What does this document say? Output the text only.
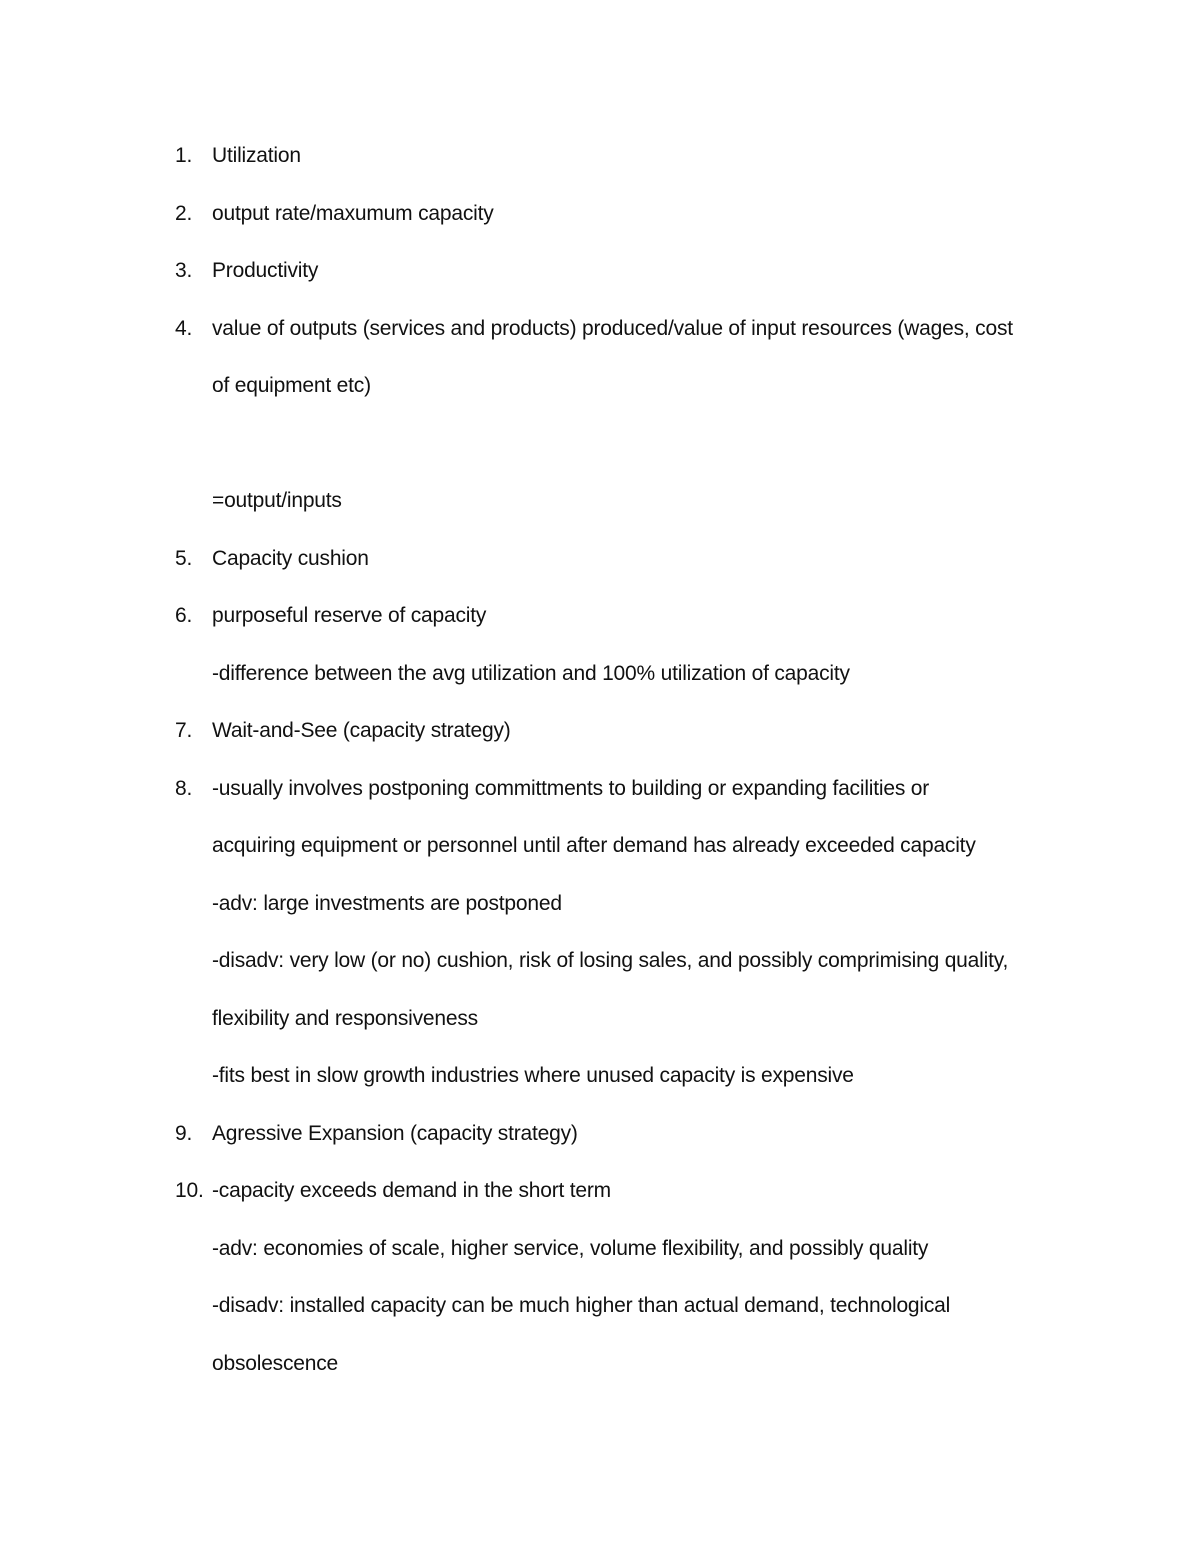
1. Utilization
2. output rate/maxumum capacity
3. Productivity
4. value of outputs (services and products) produced/value of input resources (wages, cost
of equipment etc)
=output/inputs
5. Capacity cushion
6. purposeful reserve of capacity
-difference between the avg utilization and 100% utilization of capacity
7. Wait-and-See (capacity strategy)
8. -usually involves postponing committments to building or expanding facilities or
acquiring equipment or personnel until after demand has already exceeded capacity
-adv: large investments are postponed
-disadv: very low (or no) cushion, risk of losing sales, and possibly comprimising quality,
flexibility and responsiveness
-fits best in slow growth industries where unused capacity is expensive
9. Agressive Expansion (capacity strategy)
10. -capacity exceeds demand in the short term
-adv: economies of scale, higher service, volume flexibility, and possibly quality
-disadv: installed capacity can be much higher than actual demand, technological
obsolescence
